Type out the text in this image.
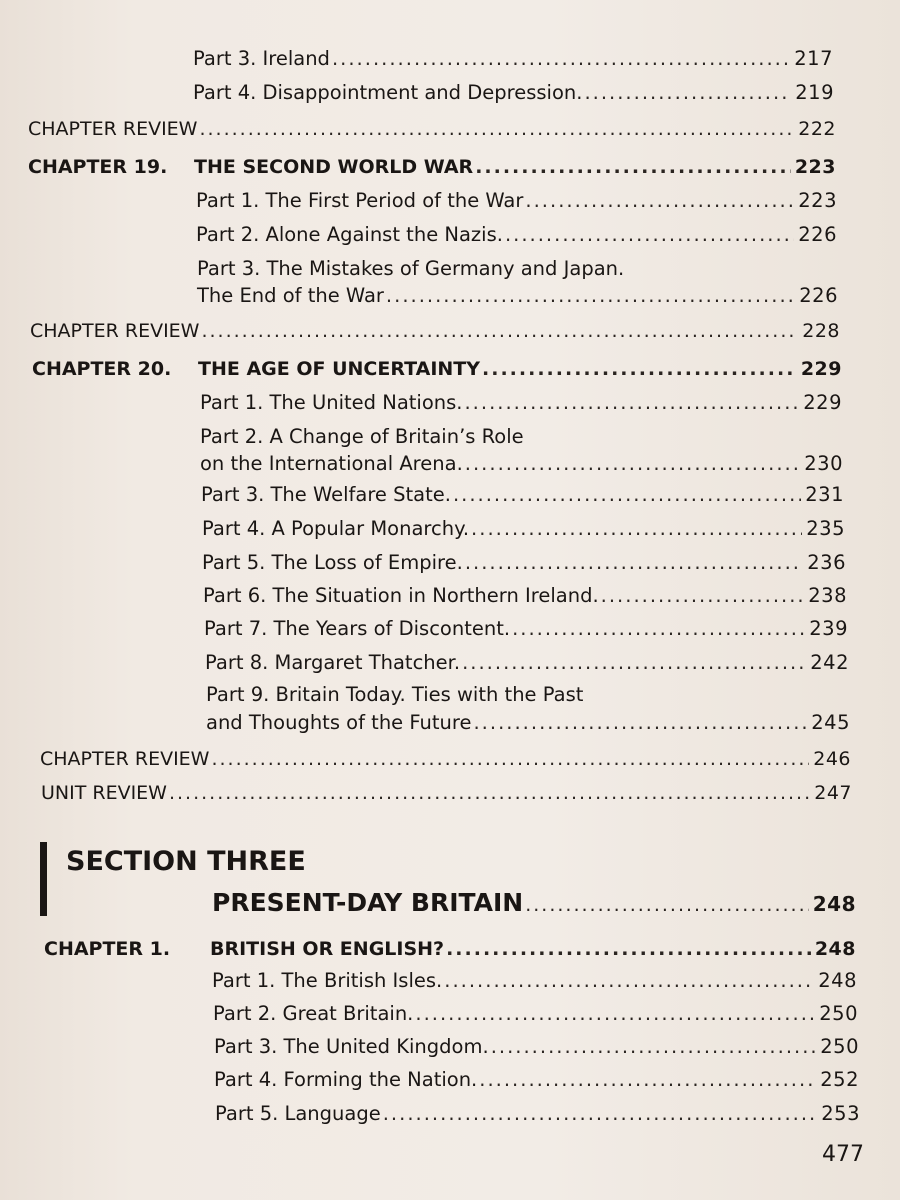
Part 3. Ireland .....	217
Part 4. Disappointment and Depression. .....	219
CHAPTER REVIEW .....	222
CHAPTER 19. THE SECOND WORLD WAR .....	223
Part 1. The First Period of the War .....	223
Part 2. Alone Against the Nazis. .....	226
Part 3. The Mistakes of Germany and Japan.
The End of the War .....	226
CHAPTER REVIEW .....	228
CHAPTER 20. THE AGE OF UNCERTAINTY .....	229
Part 1. The United Nations. .....	229
Part 2. A Change of Britain’s Role
on the International Arena. .....	230
Part 3. The Welfare State. .....	231
Part 4. A Popular Monarchy. .....	235
Part 5. The Loss of Empire. .....	236
Part 6. The Situation in Northern Ireland. .....	238
Part 7. The Years of Discontent. .....	239
Part 8. Margaret Thatcher. .....	242
Part 9. Britain Today. Ties with the Past
and Thoughts of the Future .....	245
CHAPTER REVIEW .....	246
UNIT REVIEW .....	247
SECTION THREE
PRESENT-DAY BRITAIN .....	248
CHAPTER 1. BRITISH OR ENGLISH? .....	248
Part 1. The British Isles. .....	248
Part 2. Great Britain. .....	250
Part 3. The United Kingdom. .....	250
Part 4. Forming the Nation. .....	252
Part 5. Language .....	253
477
